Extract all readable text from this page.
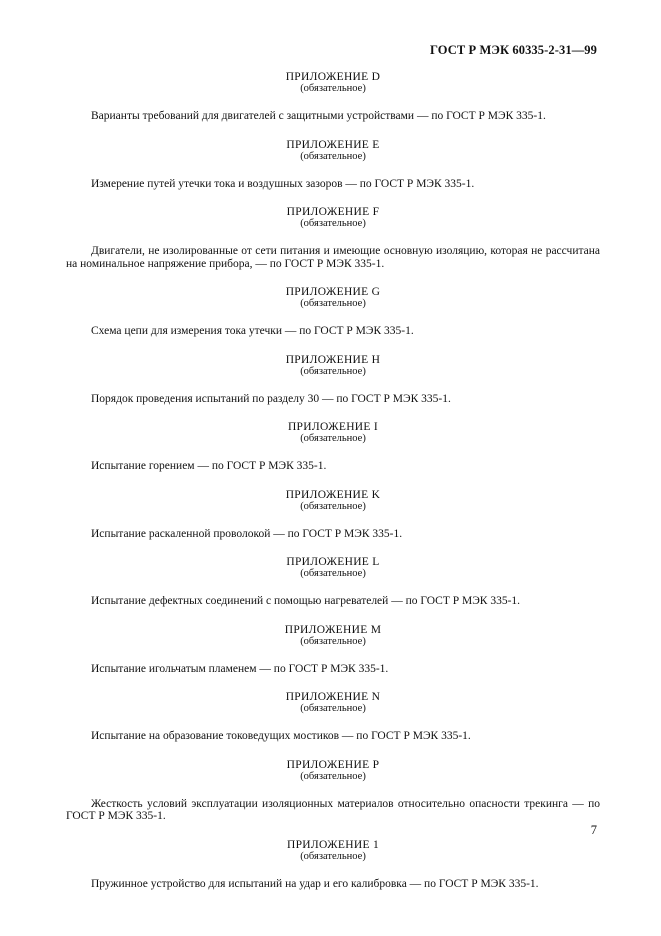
ГОСТ Р МЭК 60335-2-31—99
ПРИЛОЖЕНИЕ D
(обязательное)
Варианты требований для двигателей с защитными устройствами — по ГОСТ Р МЭК 335-1.
ПРИЛОЖЕНИЕ E
(обязательное)
Измерение путей утечки тока и воздушных зазоров — по ГОСТ Р МЭК 335-1.
ПРИЛОЖЕНИЕ F
(обязательное)
Двигатели, не изолированные от сети питания и имеющие основную изоляцию, которая не рассчитана на номинальное напряжение прибора, — по ГОСТ Р МЭК 335-1.
ПРИЛОЖЕНИЕ G
(обязательное)
Схема цепи для измерения тока утечки — по ГОСТ Р МЭК 335-1.
ПРИЛОЖЕНИЕ H
(обязательное)
Порядок проведения испытаний по разделу 30 — по ГОСТ Р МЭК 335-1.
ПРИЛОЖЕНИЕ I
(обязательное)
Испытание горением — по ГОСТ Р МЭК 335-1.
ПРИЛОЖЕНИЕ K
(обязательное)
Испытание раскаленной проволокой — по ГОСТ Р МЭК 335-1.
ПРИЛОЖЕНИЕ L
(обязательное)
Испытание дефектных соединений с помощью нагревателей — по ГОСТ Р МЭК 335-1.
ПРИЛОЖЕНИЕ M
(обязательное)
Испытание игольчатым пламенем — по ГОСТ Р МЭК 335-1.
ПРИЛОЖЕНИЕ N
(обязательное)
Испытание на образование токоведущих мостиков — по ГОСТ Р МЭК 335-1.
ПРИЛОЖЕНИЕ P
(обязательное)
Жесткость условий эксплуатации изоляционных материалов относительно опасности трекинга — по ГОСТ Р МЭК 335-1.
ПРИЛОЖЕНИЕ 1
(обязательное)
Пружинное устройство для испытаний на удар и его калибровка — по ГОСТ Р МЭК 335-1.
7
